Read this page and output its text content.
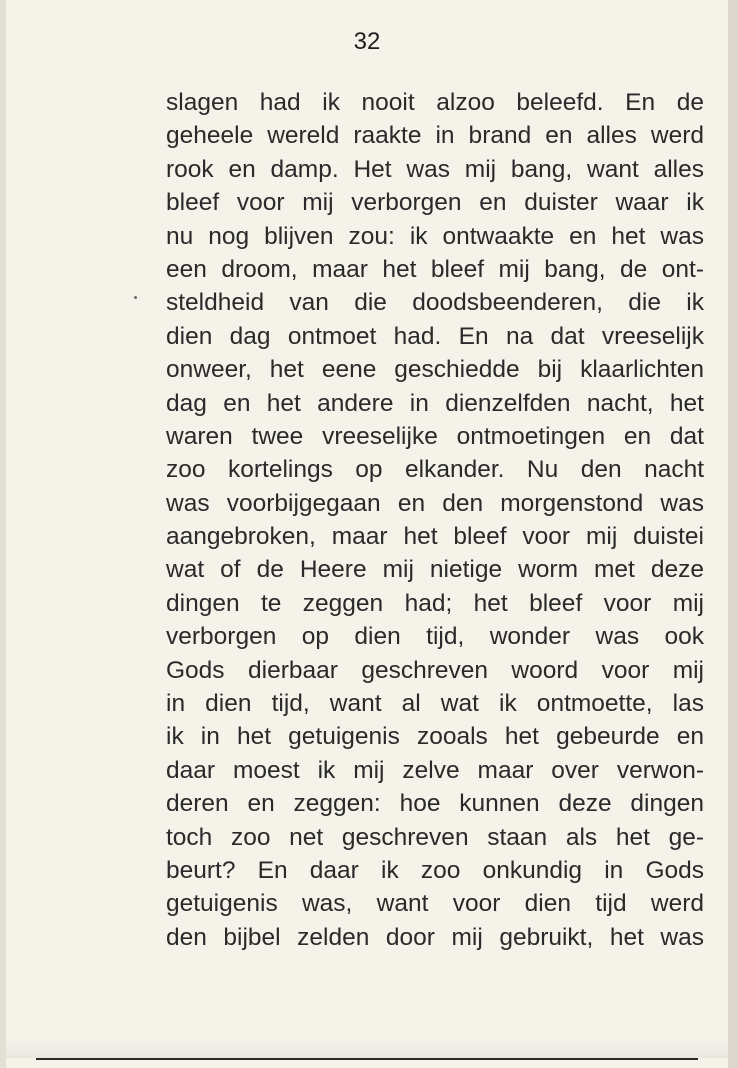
32
slagen had ik nooit alzoo beleefd. En de
geheele wereld raakte in brand en alles werd
rook en damp. Het was mij bang, want alles
bleef voor mij verborgen en duister waar ik
nu nog blijven zou: ik ontwaakte en het was
een droom, maar het bleef mij bang, de ont-
steldheid van die doodsbeenderen, die ik
dien dag ontmoet had. En na dat vreeselijk
onweer, het eene geschiedde bij klaarlichten
dag en het andere in dienzelfden nacht, het
waren twee vreeselijke ontmoetingen en dat
zoo kortelings op elkander. Nu den nacht
was voorbijgegaan en den morgenstond was
aangebroken, maar het bleef voor mij duistei
wat of de Heere mij nietige worm met deze
dingen te zeggen had; het bleef voor mij
verborgen op dien tijd, wonder was ook
Gods dierbaar geschreven woord voor mij
in dien tijd, want al wat ik ontmoette, las
ik in het getuigenis zooals het gebeurde en
daar moest ik mij zelve maar over verwon-
deren en zeggen: hoe kunnen deze dingen
toch zoo net geschreven staan als het ge-
beurt? En daar ik zoo onkundig in Gods
getuigenis was, want voor dien tijd werd
den bijbel zelden door mij gebruikt, het was
